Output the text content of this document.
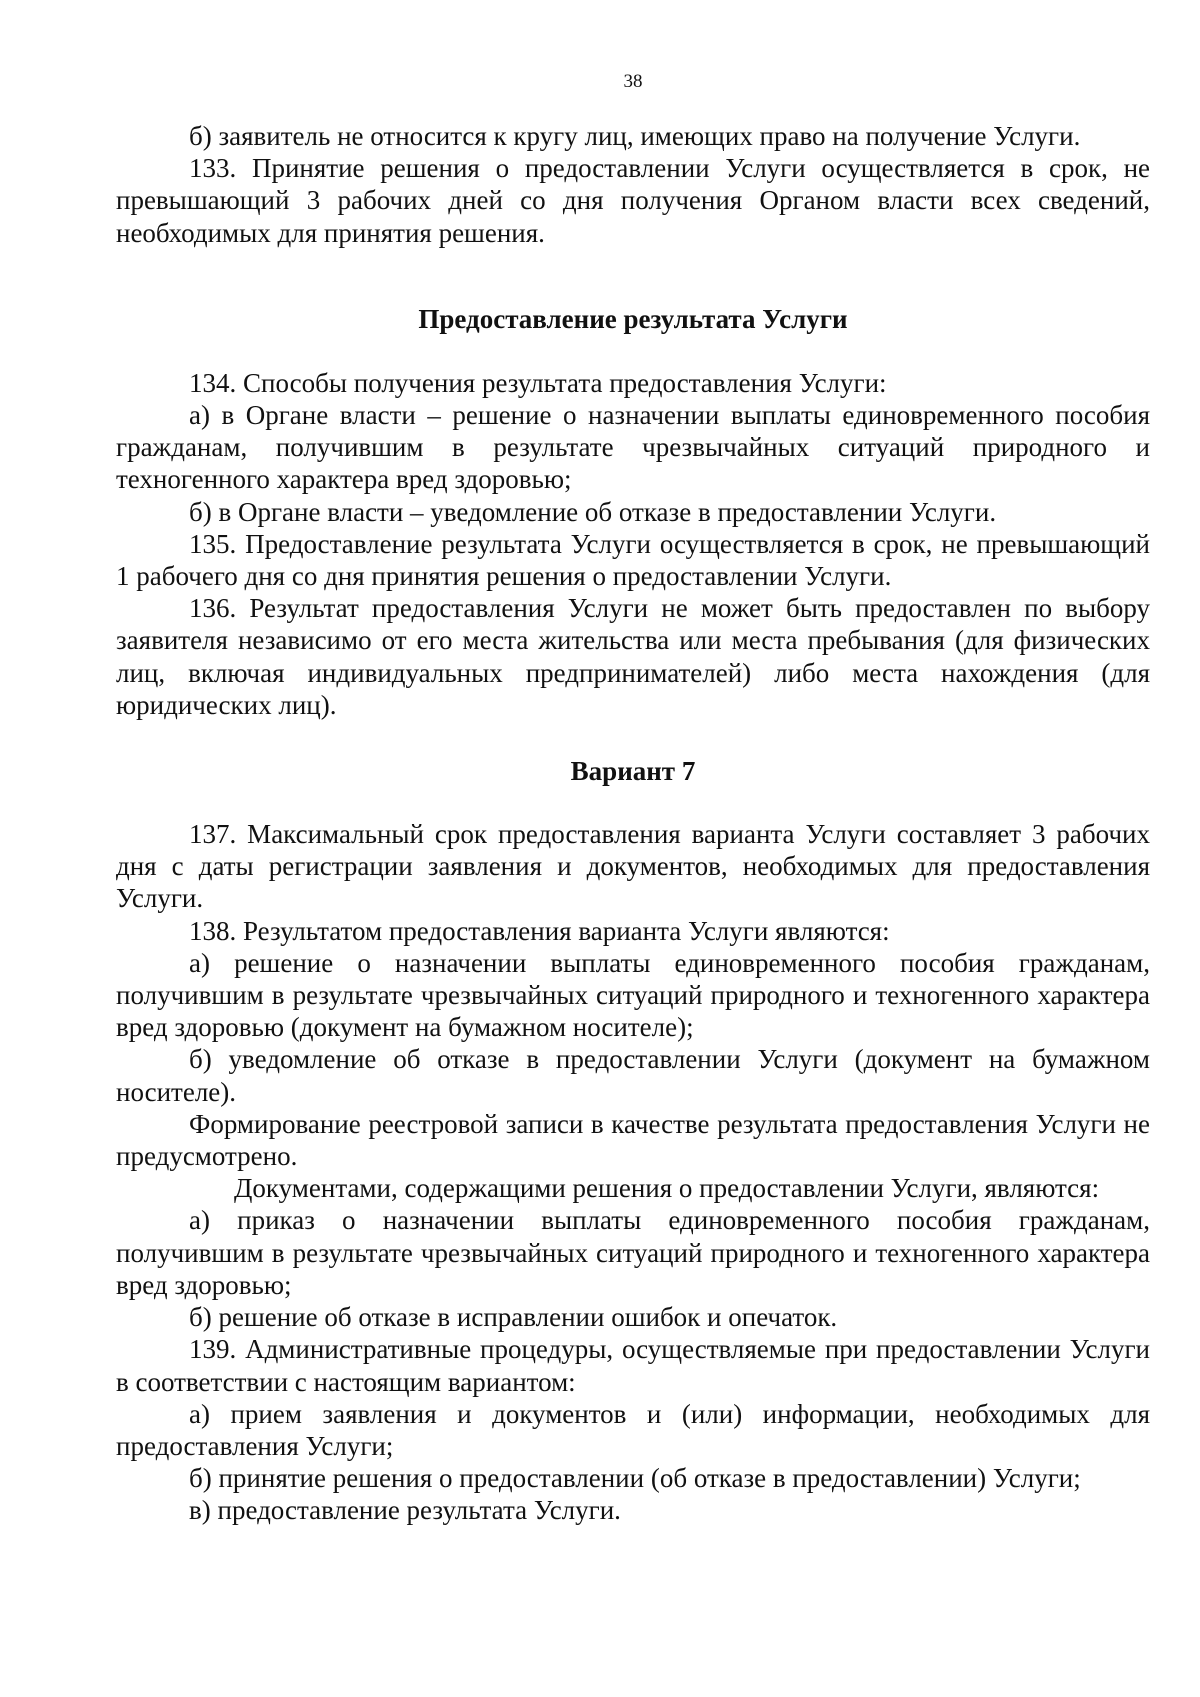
38

б) заявитель не относится к кругу лиц, имеющих право на получение Услуги.

133. Принятие решения о предоставлении Услуги осуществляется в срок, не превышающий 3 рабочих дней со дня получения Органом власти всех сведений, необходимых для принятия решения.

Предоставление результата Услуги

134. Способы получения результата предоставления Услуги:

а) в Органе власти – решение о назначении выплаты единовременного пособия гражданам, получившим в результате чрезвычайных ситуаций природного и техногенного характера вред здоровью;

б) в Органе власти – уведомление об отказе в предоставлении Услуги.

135. Предоставление результата Услуги осуществляется в срок, не превышающий 1 рабочего дня со дня принятия решения о предоставлении Услуги.

136. Результат предоставления Услуги не может быть предоставлен по выбору заявителя независимо от его места жительства или места пребывания (для физических лиц, включая индивидуальных предпринимателей) либо места нахождения (для юридических лиц).

Вариант 7

137. Максимальный срок предоставления варианта Услуги составляет 3 рабочих дня с даты регистрации заявления и документов, необходимых для предоставления Услуги.

138. Результатом предоставления варианта Услуги являются:

а) решение о назначении выплаты единовременного пособия гражданам, получившим в результате чрезвычайных ситуаций природного и техногенного характера вред здоровью (документ на бумажном носителе);

б) уведомление об отказе в предоставлении Услуги (документ на бумажном носителе).

Формирование реестровой записи в качестве результата предоставления Услуги не предусмотрено.

Документами, содержащими решения о предоставлении Услуги, являются:

а) приказ о назначении выплаты единовременного пособия гражданам, получившим в результате чрезвычайных ситуаций природного и техногенного характера вред здоровью;

б) решение об отказе в исправлении ошибок и опечаток.

139. Административные процедуры, осуществляемые при предоставлении Услуги в соответствии с настоящим вариантом:

а) прием заявления и документов и (или) информации, необходимых для предоставления Услуги;

б) принятие решения о предоставлении (об отказе в предоставлении) Услуги;

в) предоставление результата Услуги.
